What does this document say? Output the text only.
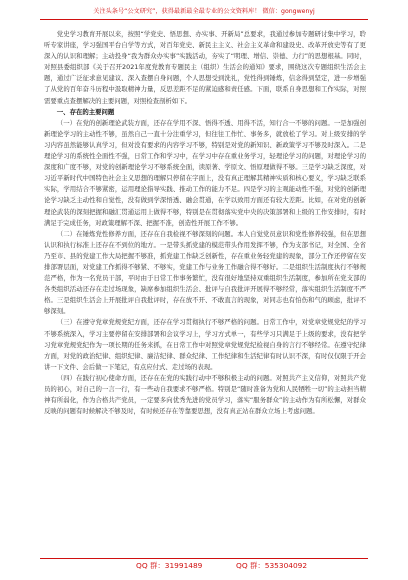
关注头条号“公文研究”，获得最新最全最专业的公文资料库！ 微信：gongwenyj

党史学习教育开展以来，按照“学党史、悟思想、办实事、开新局”总要求，我通过参加专题研讨集中学习，聆听专家讲座，学习强国平台自学等方式，对百年党史、新民主主义、社会主义革命和建设史、改革开放史等有了更深入的认识和理解；主动投身“我为群众办实事”实践活动，夯实了“明理、增信、崇德、力行”的思想根基。同时，对照县委组织部《关于召开2021年度党教育专题民主（组织）生活会的通知》要求，围绕这次专题组织生活会主题，通过广泛征求意见建议、深入查摆自身问题，个人思想受到洗礼，党性得到锤炼，信念得到坚定，进一步增强了从党的百年奋斗历程中汲取精神力量，反思差距不足的紧迫感和责任感。下面，联系自身思想和工作实际，对照需要重点查摆解决的主要问题，对照检查剖析如下。

一、存在的主要问题

（一）在党的创新理论武装方面，还存在学用不深、悟得不透、用得不活，知行合一不够的问题。一是加强创新理论学习的主动性不够，虽然自己一直十分注重学习，但往往工作忙、事务多，就放松了学习。对上级安排的学习内容虽然能够认真学习，但对没有要求的内容学习不够，特别是对党的新知识、新政策学习不够及时深入。二是理论学习的系统性全面性不强，日常工作和学习中，在学习中存在重业务学习，轻理论学习的问题，对理论学习的深度和广度不够，对党的创新理论学习不够系统全面，读原著、学原文、悟原理做得不够。三是学习缺乏深度，对习近平新时代中国特色社会主义思想的理解只停留在字面上，没有真正理解其精神实质和核心要义，学习缺乏联系实际，学用结合不够紧密，运用理论指导实践、推动工作的能力不足。四是学习的主观能动性不强，对党的创新理论学习缺乏主动性和自觉性，没有做到学深悟透、融会贯通，在学以致用方面还有较大差距。比如，在对党的创新理论武装的深刻把握和融汇贯通运用上做得不够，特别是在贯彻落实党中央的决策部署和上级的工作安排时，有时满足于完成任务，对政策理解不深、把握不准，创造性开展工作不够。

（二）在锤炼党性修养方面，还存在自我检视不够深刻的问题。本人自觉党员意识和党性修养较强，但在思想认识和执行标准上还存在不到位的地方。一是带头抓党建的模范带头作用发挥不够，作为支部书记，对全国、全省乃至市、县的党建工作大局把握不够准，抓党建工作缺乏创新性，存在重业务轻党建的现象，部分工作还停留在安排部署层面，对党建工作抓得不够紧、不够实，党建工作与业务工作融合得不够好。二是组织生活制度执行不够规范严格，作为一名党员干部，平时由于日常工作事务繁忙，没有很好地坚持双重组织生活制度，参加所在党支部的各类组织活动还存在走过场现象，缺席参加组织生活会、批评与自我批评开展得不够经常，落实组织生活制度不严格。三是组织生活会上开展批评自我批评时，存在放不开、不敢直言的现象，对同志也有怕伤和气的顾虑，批评不够深刻。

（三）在遵守党章党规党纪方面，还存在学习贯彻执行不够严格的问题。日常工作中，对党章党规党纪的学习不够系统深入，学习主要停留在安排部署和会议学习上，学习方式单一，有些学习只满足于上级的要求，没有把学习党章党规党纪作为一项长期的任务来抓，在日常工作中对照党章党规党纪检视自身的言行不够经常。在遵守纪律方面，对党的政治纪律、组织纪律、廉洁纪律、群众纪律、工作纪律和生活纪律有时认识不深，有时仅仅限于开会讲一下文件、会后做一下笔记，有点应付式、走过场的表现。

（四）在践行初心使命方面，还存在在党的实践行动中不够积极主动的问题。对照共产主义信仰，对照共产党员的初心，对自己的一言一行，有一些动自我要求不够严格。特别是“随时准备为党和人民牺牲一切”的主动担当精神有所弱化，作为合格共产党员，一定要多向优秀先进的党员学习，落实“服务群众”的主动作为有所松懈，对群众反映的问题有时候解决不够及时，有时候还存在等靠要思想，没有真正站在群众立场上考虑问题。

QQ 群：31991489	QQ 群：535304092
